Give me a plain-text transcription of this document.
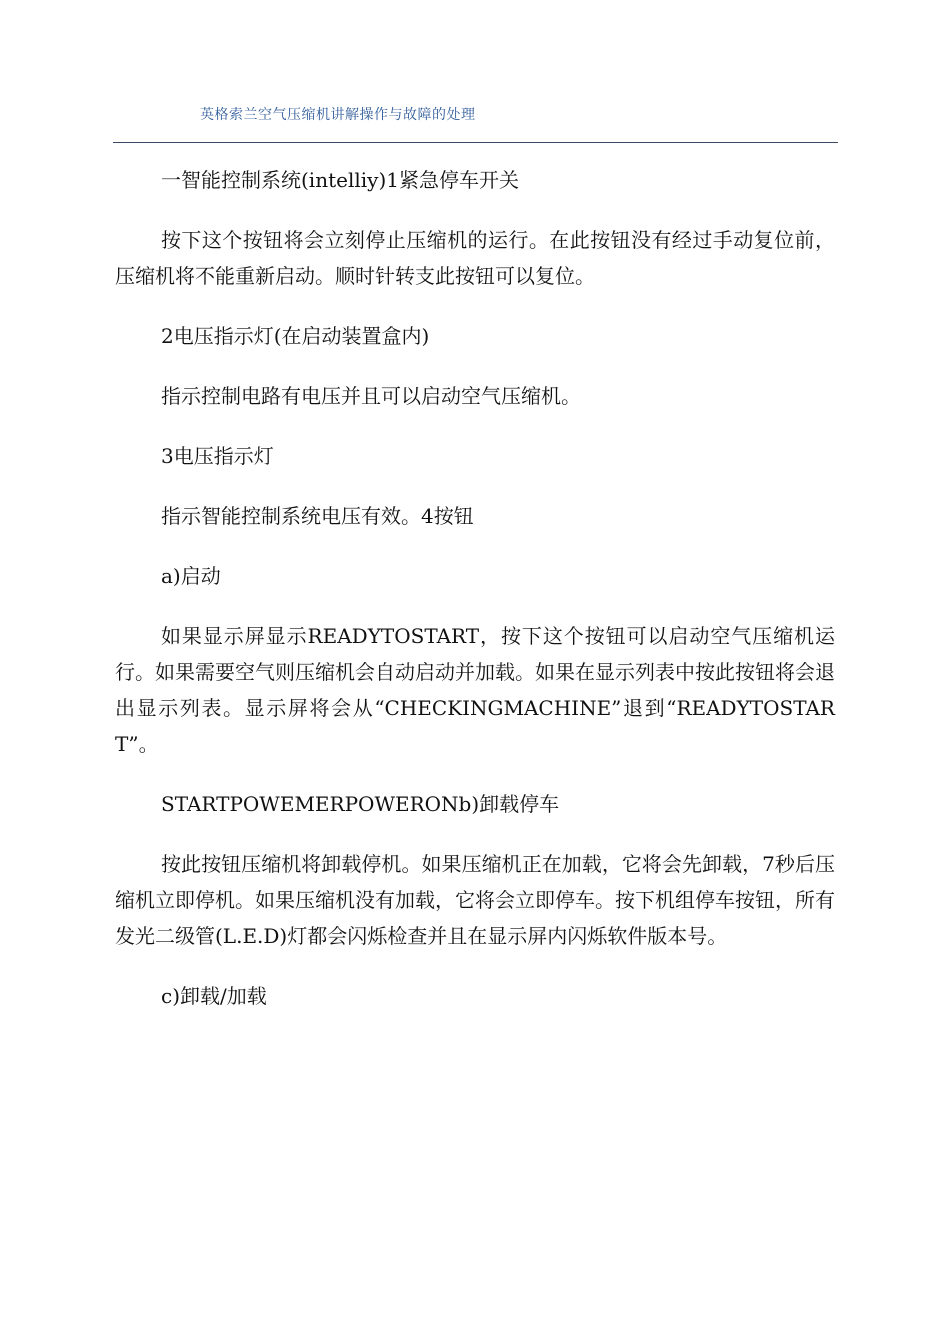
英格索兰空气压缩机讲解操作与故障的处理

一智能控制系统(intelliy)1紧急停车开关

按下这个按钮将会立刻停止压缩机的运行。在此按钮没有经过手动复位前，压缩机将不能重新启动。顺时针转支此按钮可以复位。

2电压指示灯(在启动装置盒内)

指示控制电路有电压并且可以启动空气压缩机。

3电压指示灯

指示智能控制系统电压有效。4按钮

a)启动

如果显示屏显示READYTOSTART，按下这个按钮可以启动空气压缩机运行。如果需要空气则压缩机会自动启动并加载。如果在显示列表中按此按钮将会退出显示列表。显示屏将会从“CHECKINGMACHINE”退到“READYTOSTART”。

STARTPOWEMERPOWERONb)卸载停车

按此按钮压缩机将卸载停机。如果压缩机正在加载，它将会先卸载，7秒后压缩机立即停机。如果压缩机没有加载，它将会立即停车。按下机组停车按钮，所有发光二级管(L.E.D)灯都会闪烁检查并且在显示屏内闪烁软件版本号。

c)卸载/加载
